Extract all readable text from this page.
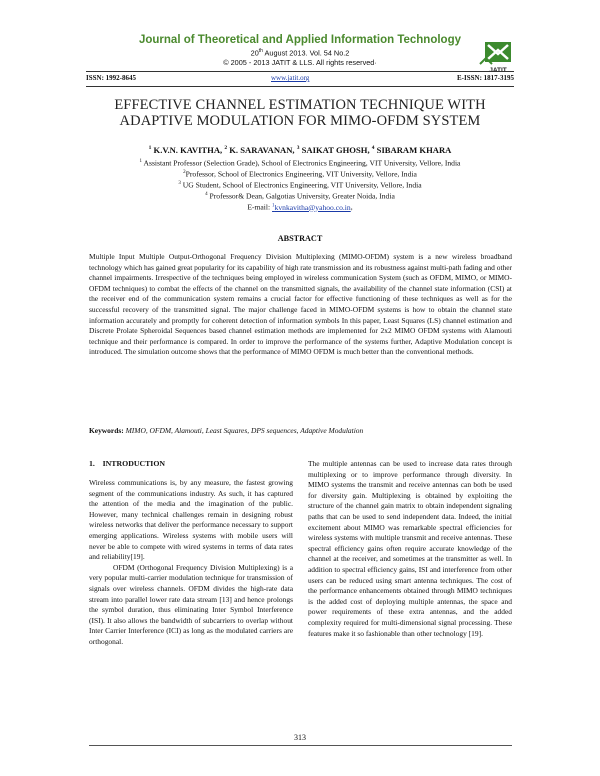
Journal of Theoretical and Applied Information Technology
20th August 2013. Vol. 54 No.2
© 2005 - 2013 JATIT & LLS. All rights reserved·
JATIT
ISSN: 1992-8645	www.jatit.org	E-ISSN: 1817-3195
EFFECTIVE CHANNEL ESTIMATION TECHNIQUE WITH
ADAPTIVE MODULATION FOR MIMO-OFDM SYSTEM
$^1$ K.V.N. KAVITHA, $^2$ K. SARAVANAN, $^3$ SAIKAT GHOSH, $^4$ SIBARAM KHARA
$^1$ Assistant Professor (Selection Grade), School of Electronics Engineering, VIT University, Vellore, India
$^2$Professor, School of Electronics Engineering, VIT University, Vellore, India
$^3$ UG Student, School of Electronics Engineering, VIT University, Vellore, India
$^4$ Professor& Dean, Galgotias University, Greater Noida, India
E-mail: $^1$kvnkavitha@yahoo.co.in,
ABSTRACT
Multiple Input Multiple Output-Orthogonal Frequency Division Multiplexing (MIMO-OFDM) system is a new wireless broadband technology which has gained great popularity for its capability of high rate transmission and its robustness against multi-path fading and other channel impairments. Irrespective of the techniques being employed in wireless communication System (such as OFDM, MIMO, or MIMO-OFDM techniques) to combat the effects of the channel on the transmitted signals, the availability of the channel state information (CSI) at the receiver end of the communication system remains a crucial factor for effective functioning of these techniques as well as for the successful recovery of the transmitted signal. The major challenge faced in MIMO-OFDM systems is how to obtain the channel state information accurately and promptly for coherent detection of information symbols In this paper, Least Squares (LS) channel estimation and Discrete Prolate Spheroidal Sequences based channel estimation methods are implemented for 2x2 MIMO OFDM systems with Alamouti technique and their performance is compared. In order to improve the performance of the systems further, Adaptive Modulation concept is introduced. The simulation outcome shows that the performance of MIMO OFDM is much better than the conventional methods.
Keywords: MIMO, OFDM, Alamouti, Least Squares, DPS sequences, Adaptive Modulation
1.    INTRODUCTION

Wireless communications is, by any measure, the fastest growing segment of the communications industry. As such, it has captured the attention of the media and the imagination of the public. However, many technical challenges remain in designing robust wireless networks that deliver the performance necessary to support emerging applications. Wireless systems with mobile users will never be able to compete with wired systems in terms of data rates and reliability[19].

OFDM (Orthogonal Frequency Division Multiplexing) is a very popular multi-carrier modulation technique for transmission of signals over wireless channels. OFDM divides the high-rate data stream into parallel lower rate data stream [13] and hence prolongs the symbol duration, thus eliminating Inter Symbol Interference (ISI). It also allows the bandwidth of subcarriers to overlap without Inter Carrier Interference (ICI) as long as the modulated carriers are orthogonal.

The multiple antennas can be used to increase data rates through multiplexing or to improve performance through diversity. In MIMO systems the transmit and receive antennas can both be used for diversity gain. Multiplexing is obtained by exploiting the structure of the channel gain matrix to obtain independent signaling paths that can be used to send independent data. Indeed, the initial excitement about MIMO was remarkable spectral efficiencies for wireless systems with multiple transmit and receive antennas. These spectral efficiency gains often require accurate knowledge of the channel at the receiver, and sometimes at the transmitter as well. In addition to spectral efficiency gains, ISI and interference from other users can be reduced using smart antenna techniques. The cost of the performance enhancements obtained through MIMO techniques is the added cost of deploying multiple antennas, the space and power requirements of these extra antennas, and the added complexity required for multi-dimensional signal processing. These features make it so fashionable than other technology [19].

313
